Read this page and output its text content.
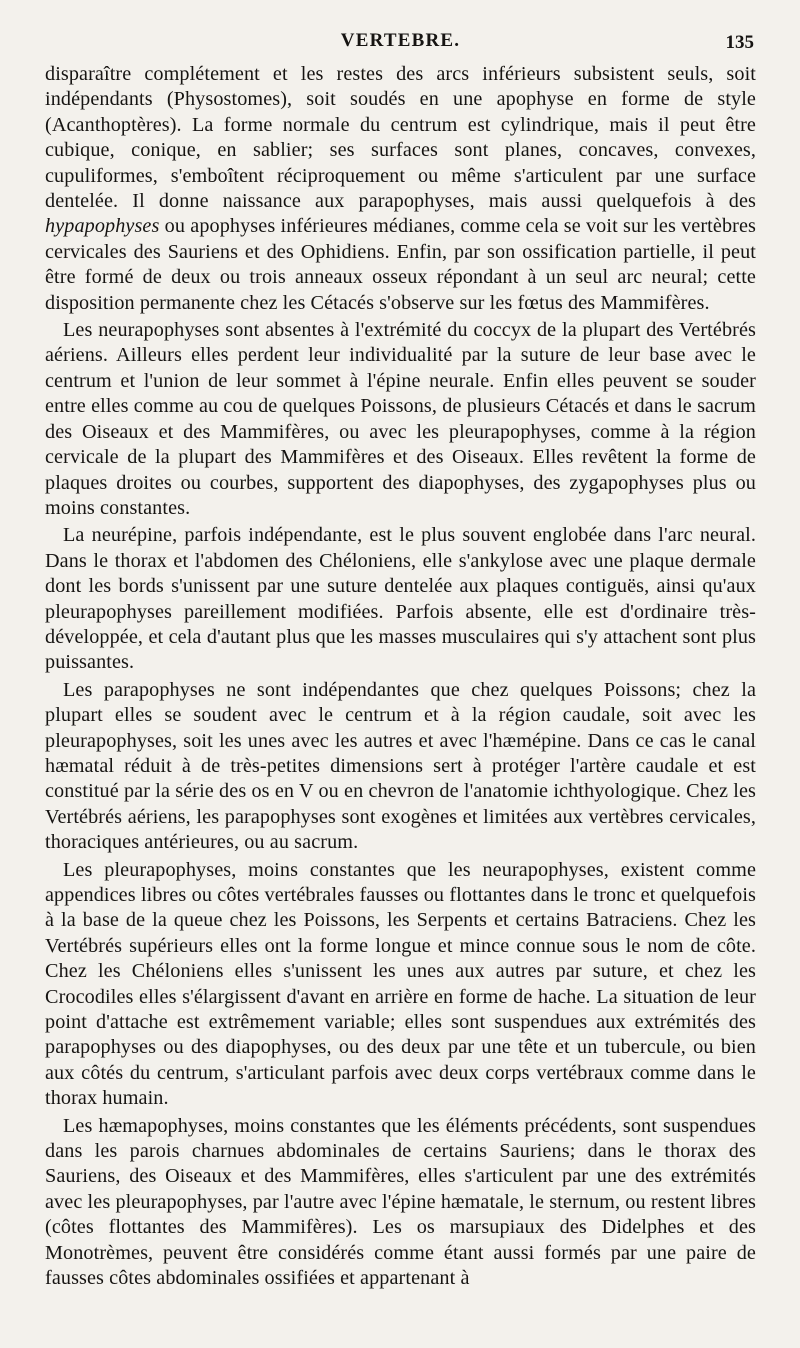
VERTEBRE.	135

disparaître complétement et les restes des arcs inférieurs subsistent seuls, soit indépendants (Physostomes), soit soudés en une apophyse en forme de style (Acanthoptères). La forme normale du centrum est cylindrique, mais il peut être cubique, conique, en sablier; ses surfaces sont planes, concaves, convexes, cupuliformes, s'emboîtent réciproquement ou même s'articulent par une surface dentelée. Il donne naissance aux parapophyses, mais aussi quelquefois à des hypapophyses ou apophyses inférieures médianes, comme cela se voit sur les vertèbres cervicales des Sauriens et des Ophidiens. Enfin, par son ossification partielle, il peut être formé de deux ou trois anneaux osseux répondant à un seul arc neural; cette disposition permanente chez les Cétacés s'observe sur les fœtus des Mammifères.

Les neurapophyses sont absentes à l'extrémité du coccyx de la plupart des Vertébrés aériens. Ailleurs elles perdent leur individualité par la suture de leur base avec le centrum et l'union de leur sommet à l'épine neurale. Enfin elles peuvent se souder entre elles comme au cou de quelques Poissons, de plusieurs Cétacés et dans le sacrum des Oiseaux et des Mammifères, ou avec les pleurapophyses, comme à la région cervicale de la plupart des Mammifères et des Oiseaux. Elles revêtent la forme de plaques droites ou courbes, supportent des diapophyses, des zygapophyses plus ou moins constantes.

La neurépine, parfois indépendante, est le plus souvent englobée dans l'arc neural. Dans le thorax et l'abdomen des Chéloniens, elle s'ankylose avec une plaque dermale dont les bords s'unissent par une suture dentelée aux plaques contiguës, ainsi qu'aux pleurapophyses pareillement modifiées. Parfois absente, elle est d'ordinaire très-développée, et cela d'autant plus que les masses musculaires qui s'y attachent sont plus puissantes.

Les parapophyses ne sont indépendantes que chez quelques Poissons; chez la plupart elles se soudent avec le centrum et à la région caudale, soit avec les pleurapophyses, soit les unes avec les autres et avec l'hæmépine. Dans ce cas le canal hæmatal réduit à de très-petites dimensions sert à protéger l'artère caudale et est constitué par la série des os en V ou en chevron de l'anatomie ichthyologique. Chez les Vertébrés aériens, les parapophyses sont exogènes et limitées aux vertèbres cervicales, thoraciques antérieures, ou au sacrum.

Les pleurapophyses, moins constantes que les neurapophyses, existent comme appendices libres ou côtes vertébrales fausses ou flottantes dans le tronc et quelquefois à la base de la queue chez les Poissons, les Serpents et certains Batraciens. Chez les Vertébrés supérieurs elles ont la forme longue et mince connue sous le nom de côte. Chez les Chéloniens elles s'unissent les unes aux autres par suture, et chez les Crocodiles elles s'élargissent d'avant en arrière en forme de hache. La situation de leur point d'attache est extrêmement variable; elles sont suspendues aux extrémités des parapophyses ou des diapophyses, ou des deux par une tête et un tubercule, ou bien aux côtés du centrum, s'articulant parfois avec deux corps vertébraux comme dans le thorax humain.

Les hæmapophyses, moins constantes que les éléments précédents, sont suspendues dans les parois charnues abdominales de certains Sauriens; dans le thorax des Sauriens, des Oiseaux et des Mammifères, elles s'articulent par une des extrémités avec les pleurapophyses, par l'autre avec l'épine hæmatale, le sternum, ou restent libres (côtes flottantes des Mammifères). Les os marsupiaux des Didelphes et des Monotrèmes, peuvent être considérés comme étant aussi formés par une paire de fausses côtes abdominales ossifiées et appartenant à
